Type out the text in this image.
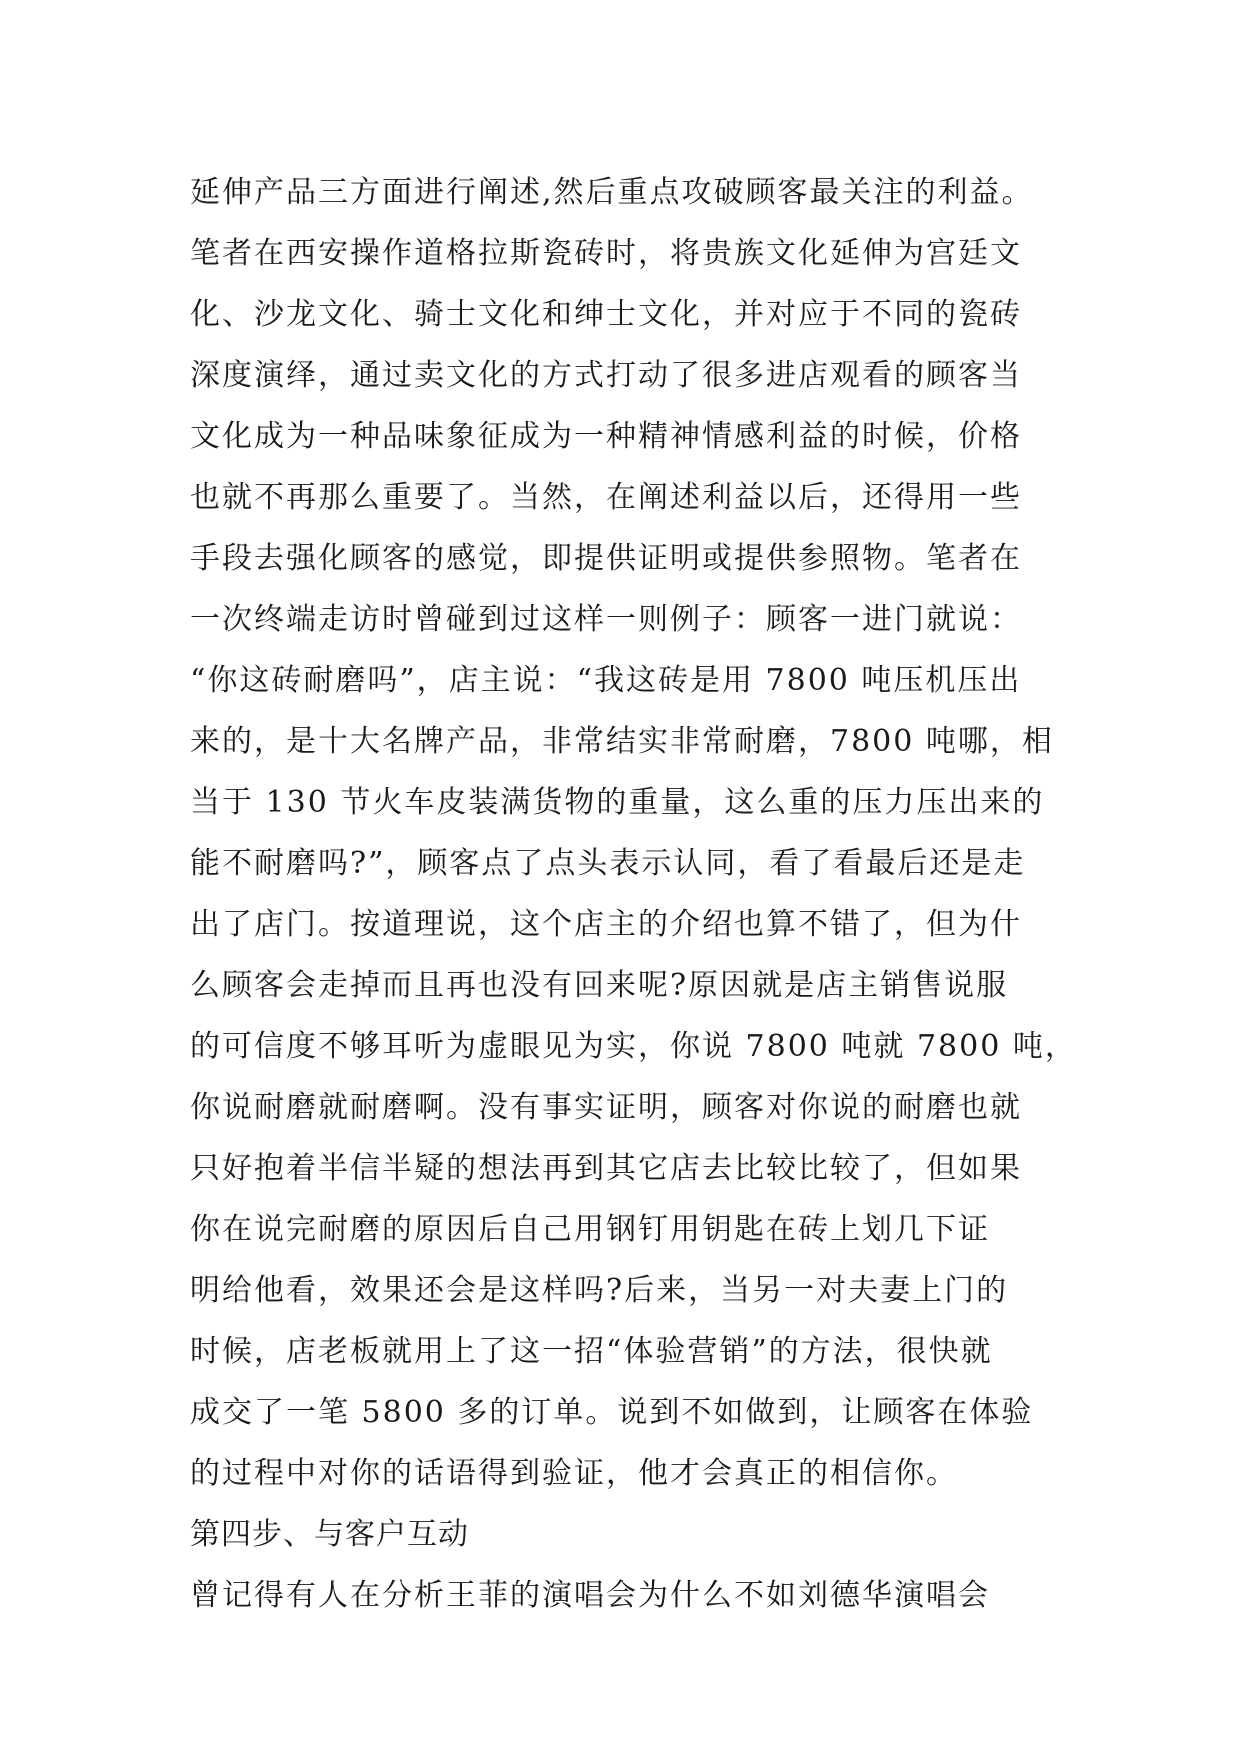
延伸产品三方面进行阐述,然后重点攻破顾客最关注的利益。
笔者在西安操作道格拉斯瓷砖时，将贵族文化延伸为宫廷文
化、沙龙文化、骑士文化和绅士文化，并对应于不同的瓷砖
深度演绎，通过卖文化的方式打动了很多进店观看的顾客当
文化成为一种品味象征成为一种精神情感利益的时候，价格
也就不再那么重要了。当然，在阐述利益以后，还得用一些
手段去强化顾客的感觉，即提供证明或提供参照物。笔者在
一次终端走访时曾碰到过这样一则例子：顾客一进门就说：
“你这砖耐磨吗”，店主说：“我这砖是用 7800 吨压机压出
来的，是十大名牌产品，非常结实非常耐磨，7800 吨哪，相
当于 130 节火车皮装满货物的重量，这么重的压力压出来的
能不耐磨吗?”，顾客点了点头表示认同，看了看最后还是走
出了店门。按道理说，这个店主的介绍也算不错了，但为什
么顾客会走掉而且再也没有回来呢?原因就是店主销售说服
的可信度不够耳听为虚眼见为实，你说 7800 吨就 7800 吨，
你说耐磨就耐磨啊。没有事实证明，顾客对你说的耐磨也就
只好抱着半信半疑的想法再到其它店去比较比较了，但如果
你在说完耐磨的原因后自己用钢钉用钥匙在砖上划几下证
明给他看，效果还会是这样吗?后来，当另一对夫妻上门的
时候，店老板就用上了这一招“体验营销”的方法，很快就
成交了一笔 5800 多的订单。说到不如做到，让顾客在体验
的过程中对你的话语得到验证，他才会真正的相信你。
第四步、与客户互动
曾记得有人在分析王菲的演唱会为什么不如刘德华演唱会
